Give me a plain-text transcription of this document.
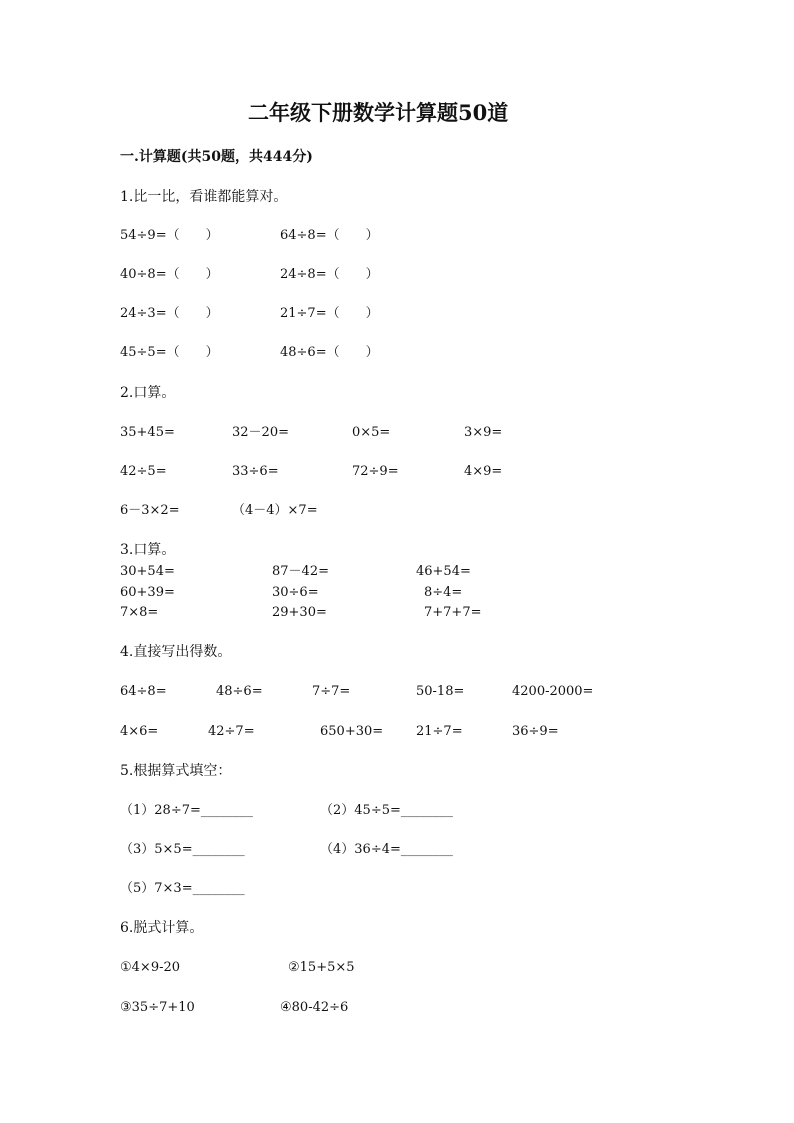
二年级下册数学计算题50道
一.计算题(共50题，共444分)
1.比一比，看谁都能算对。
54÷9=（　　）	64÷8=（　　）
40÷8=（　　）	24÷8=（　　）
24÷3=（　　）	21÷7=（　　）
45÷5=（　　）	48÷6=（　　）
2.口算。
35+45=	32－20=	0×5=	3×9=
42÷5=	33÷6=	72÷9=	4×9=
6－3×2=	（4－4）×7=
3.口算。
30+54=	87－42=	46+54=
60+39=	30÷6=	8÷4=
7×8=	29+30=	7+7+7=
4.直接写出得数。
64÷8=	48÷6=	7÷7=	50-18=	4200-2000=
4×6=	42÷7=	650+30=	21÷7=	36÷9=
5.根据算式填空：
（1）28÷7=________	（2）45÷5=________
（3）5×5=________	（4）36÷4=________
（5）7×3=________
6.脱式计算。
①4×9-20	②15+5×5
③35÷7+10	④80-42÷6
